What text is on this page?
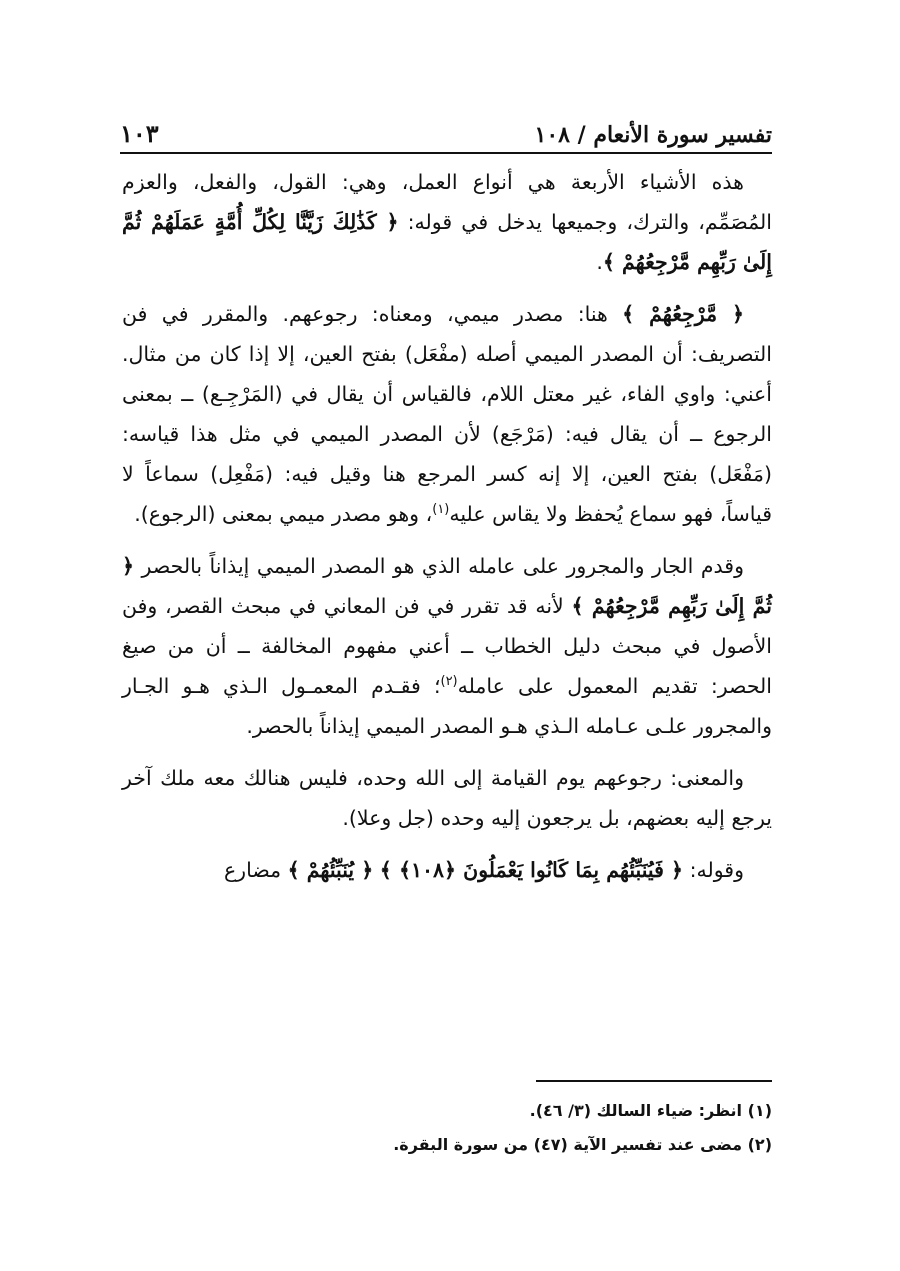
تفسير سورة الأنعام / ١٠٨
١٠٣

هذه الأشياء الأربعة هي أنواع العمل، وهي: القول، والفعل، والعزم المُصَمِّم، والترك، وجميعها يدخل في قوله: ﴿ كَذَٰلِكَ زَيَّنَّا لِكُلِّ أُمَّةٍ عَمَلَهُمْ ثُمَّ إِلَىٰ رَبِّهِم مَّرْجِعُهُمْ ﴾.

﴿ مَّرْجِعُهُمْ ﴾ هنا: مصدر ميمي، ومعناه: رجوعهم. والمقرر في فن التصريف: أن المصدر الميمي أصله (مفْعَل) بفتح العين، إلا إذا كان من مثال. أعني: واوي الفاء، غير معتل اللام، فالقياس أن يقال في (المَرْجِـع) ــ بمعنى الرجوع ــ أن يقال فيه: (مَرْجَع) لأن المصدر الميمي في مثل هذا قياسه: (مَفْعَل) بفتح العين، إلا إنه كسر المرجع هنا وقيل فيه: (مَفْعِل) سماعاً لا قياساً، فهو سماع يُحفظ ولا يقاس عليه$^{(١)}$، وهو مصدر ميمي بمعنى (الرجوع).

وقدم الجار والمجرور على عامله الذي هو المصدر الميمي إيذاناً بالحصر ﴿ ثُمَّ إِلَىٰ رَبِّهِم مَّرْجِعُهُمْ ﴾ لأنه قد تقرر في فن المعاني في مبحث القصر، وفن الأصول في مبحث دليل الخطاب ــ أعني مفهوم المخالفة ــ أن من صيغ الحصر: تقديم المعمول على عامله$^{(٢)}$؛ فقـدم المعمـول الـذي هـو الجـار والمجرور علـى عـامله الـذي هـو المصدر الميمي إيذاناً بالحصر.

والمعنى: رجوعهم يوم القيامة إلى الله وحده، فليس هنالك معه ملك آخر يرجع إليه بعضهم، بل يرجعون إليه وحده (جل وعلا).

وقوله: ﴿ فَيُنَبِّئُهُم بِمَا كَانُوا يَعْمَلُونَ ﴿١٠٨﴾ ﴾ ﴿ يُنَبِّئُهُمْ ﴾ مضارع

(١) انظر: ضياء السالك (٣/ ٤٦).
(٢) مضى عند تفسير الآية (٤٧) من سورة البقرة.
